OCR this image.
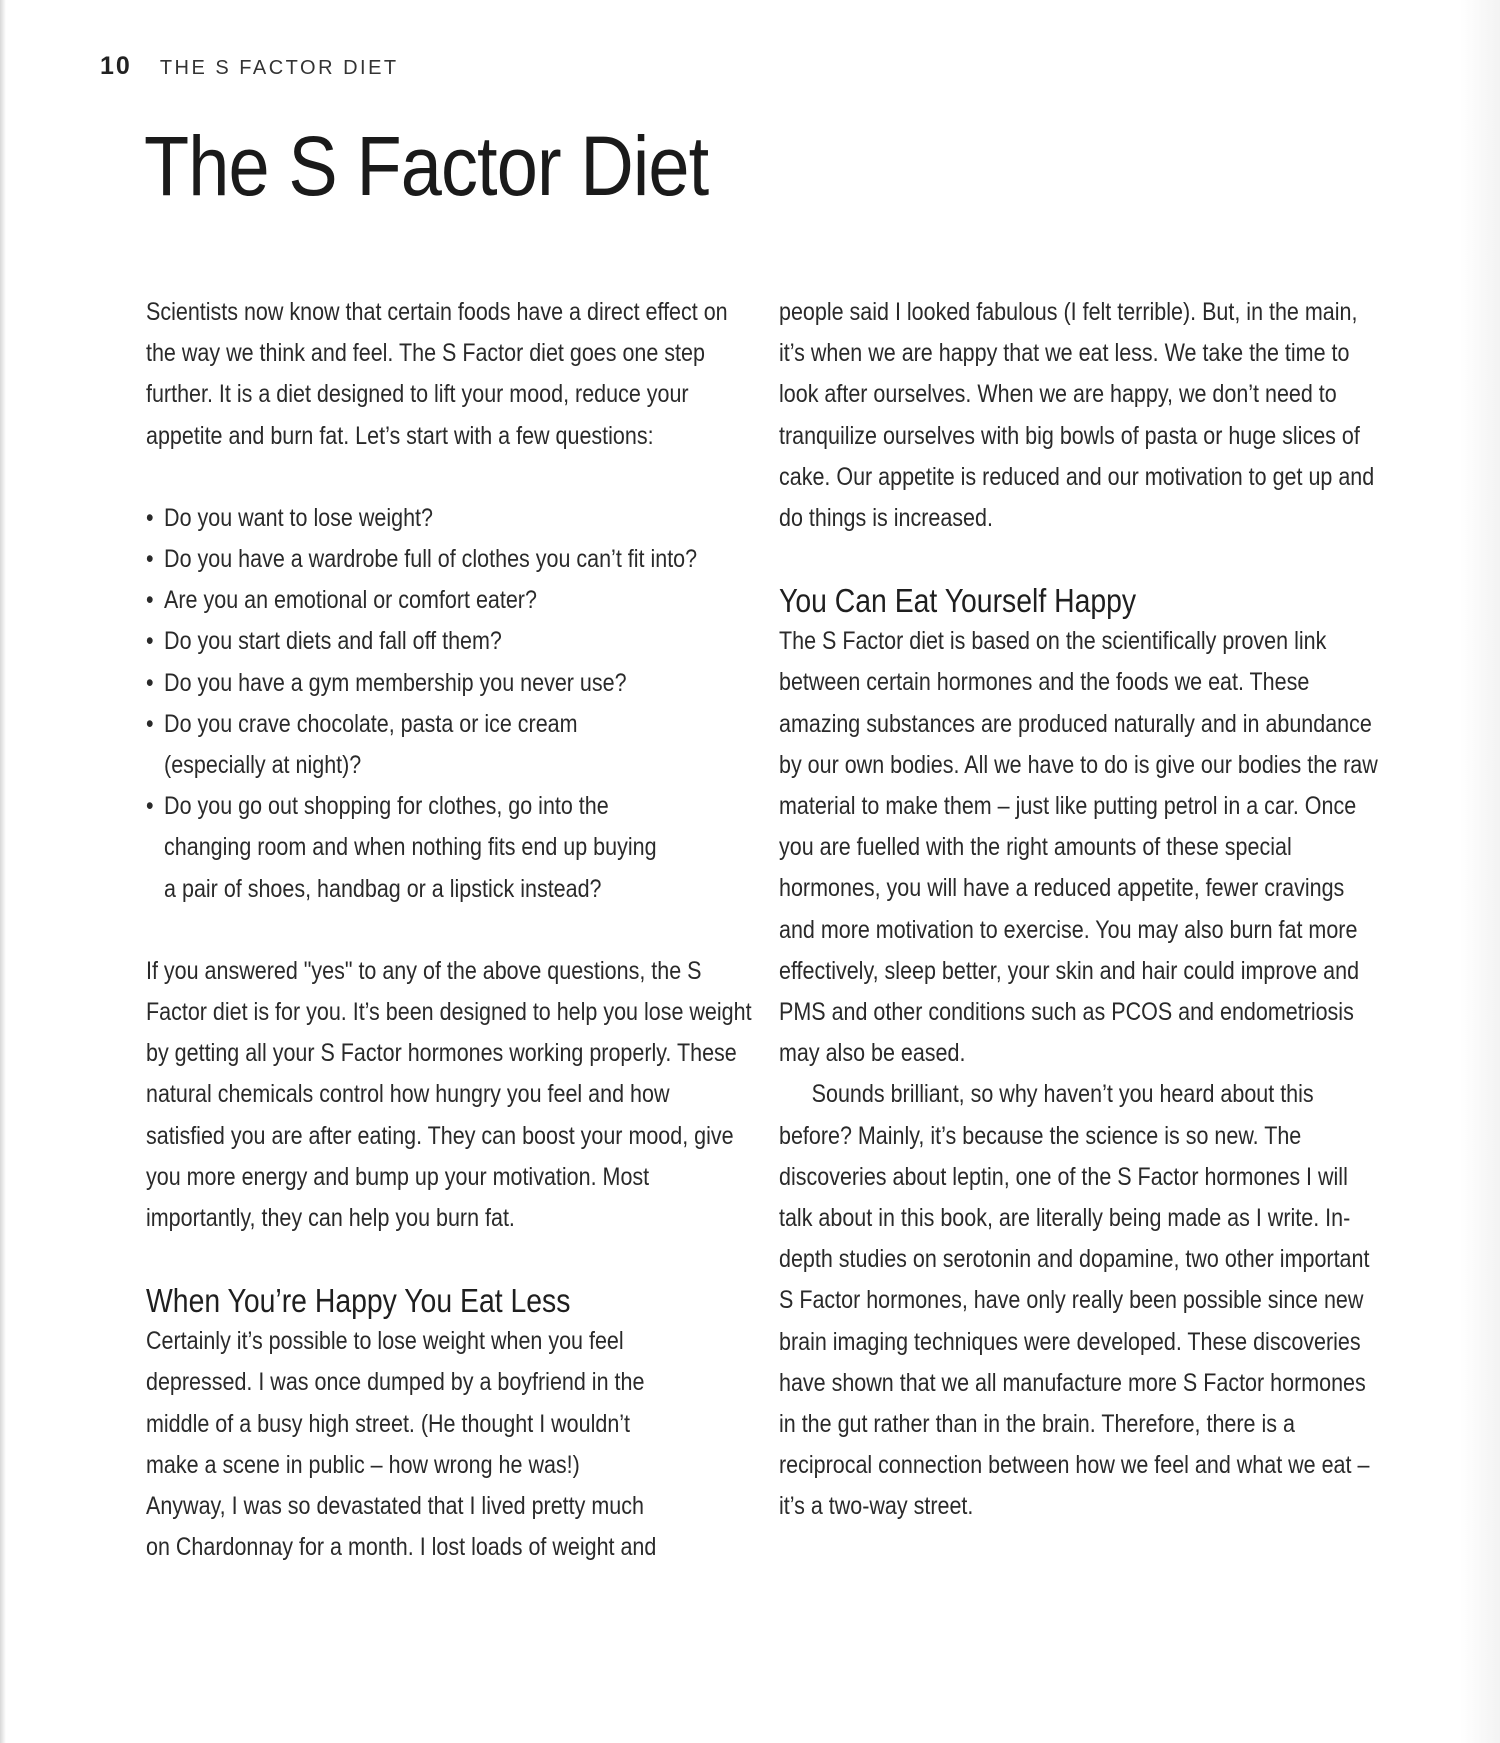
10 THE S FACTOR DIET
The S Factor Diet

Scientists now know that certain foods have a direct effect on the way we think and feel. The S Factor diet goes one step further. It is a diet designed to lift your mood, reduce your appetite and burn fat. Let’s start with a few questions:

• Do you want to lose weight?
• Do you have a wardrobe full of clothes you can’t fit into?
• Are you an emotional or comfort eater?
• Do you start diets and fall off them?
• Do you have a gym membership you never use?
• Do you crave chocolate, pasta or ice cream (especially at night)?
• Do you go out shopping for clothes, go into the changing room and when nothing fits end up buying a pair of shoes, handbag or a lipstick instead?

If you answered "yes" to any of the above questions, the S Factor diet is for you. It’s been designed to help you lose weight by getting all your S Factor hormones working properly. These natural chemicals control how hungry you feel and how satisfied you are after eating. They can boost your mood, give you more energy and bump up your motivation. Most importantly, they can help you burn fat.

When You’re Happy You Eat Less

Certainly it’s possible to lose weight when you feel depressed. I was once dumped by a boyfriend in the middle of a busy high street. (He thought I wouldn’t make a scene in public – how wrong he was!) Anyway, I was so devastated that I lived pretty much on Chardonnay for a month. I lost loads of weight and

people said I looked fabulous (I felt terrible). But, in the main, it’s when we are happy that we eat less. We take the time to look after ourselves. When we are happy, we don’t need to tranquilize ourselves with big bowls of pasta or huge slices of cake. Our appetite is reduced and our motivation to get up and do things is increased.

You Can Eat Yourself Happy

The S Factor diet is based on the scientifically proven link between certain hormones and the foods we eat. These amazing substances are produced naturally and in abundance by our own bodies. All we have to do is give our bodies the raw material to make them – just like putting petrol in a car. Once you are fuelled with the right amounts of these special hormones, you will have a reduced appetite, fewer cravings and more motivation to exercise. You may also burn fat more effectively, sleep better, your skin and hair could improve and PMS and other conditions such as PCOS and endometriosis may also be eased.

Sounds brilliant, so why haven’t you heard about this before? Mainly, it’s because the science is so new. The discoveries about leptin, one of the S Factor hormones I will talk about in this book, are literally being made as I write. In-depth studies on serotonin and dopamine, two other important S Factor hormones, have only really been possible since new brain imaging techniques were developed. These discoveries have shown that we all manufacture more S Factor hormones in the gut rather than in the brain. Therefore, there is a reciprocal connection between how we feel and what we eat – it’s a two-way street.
